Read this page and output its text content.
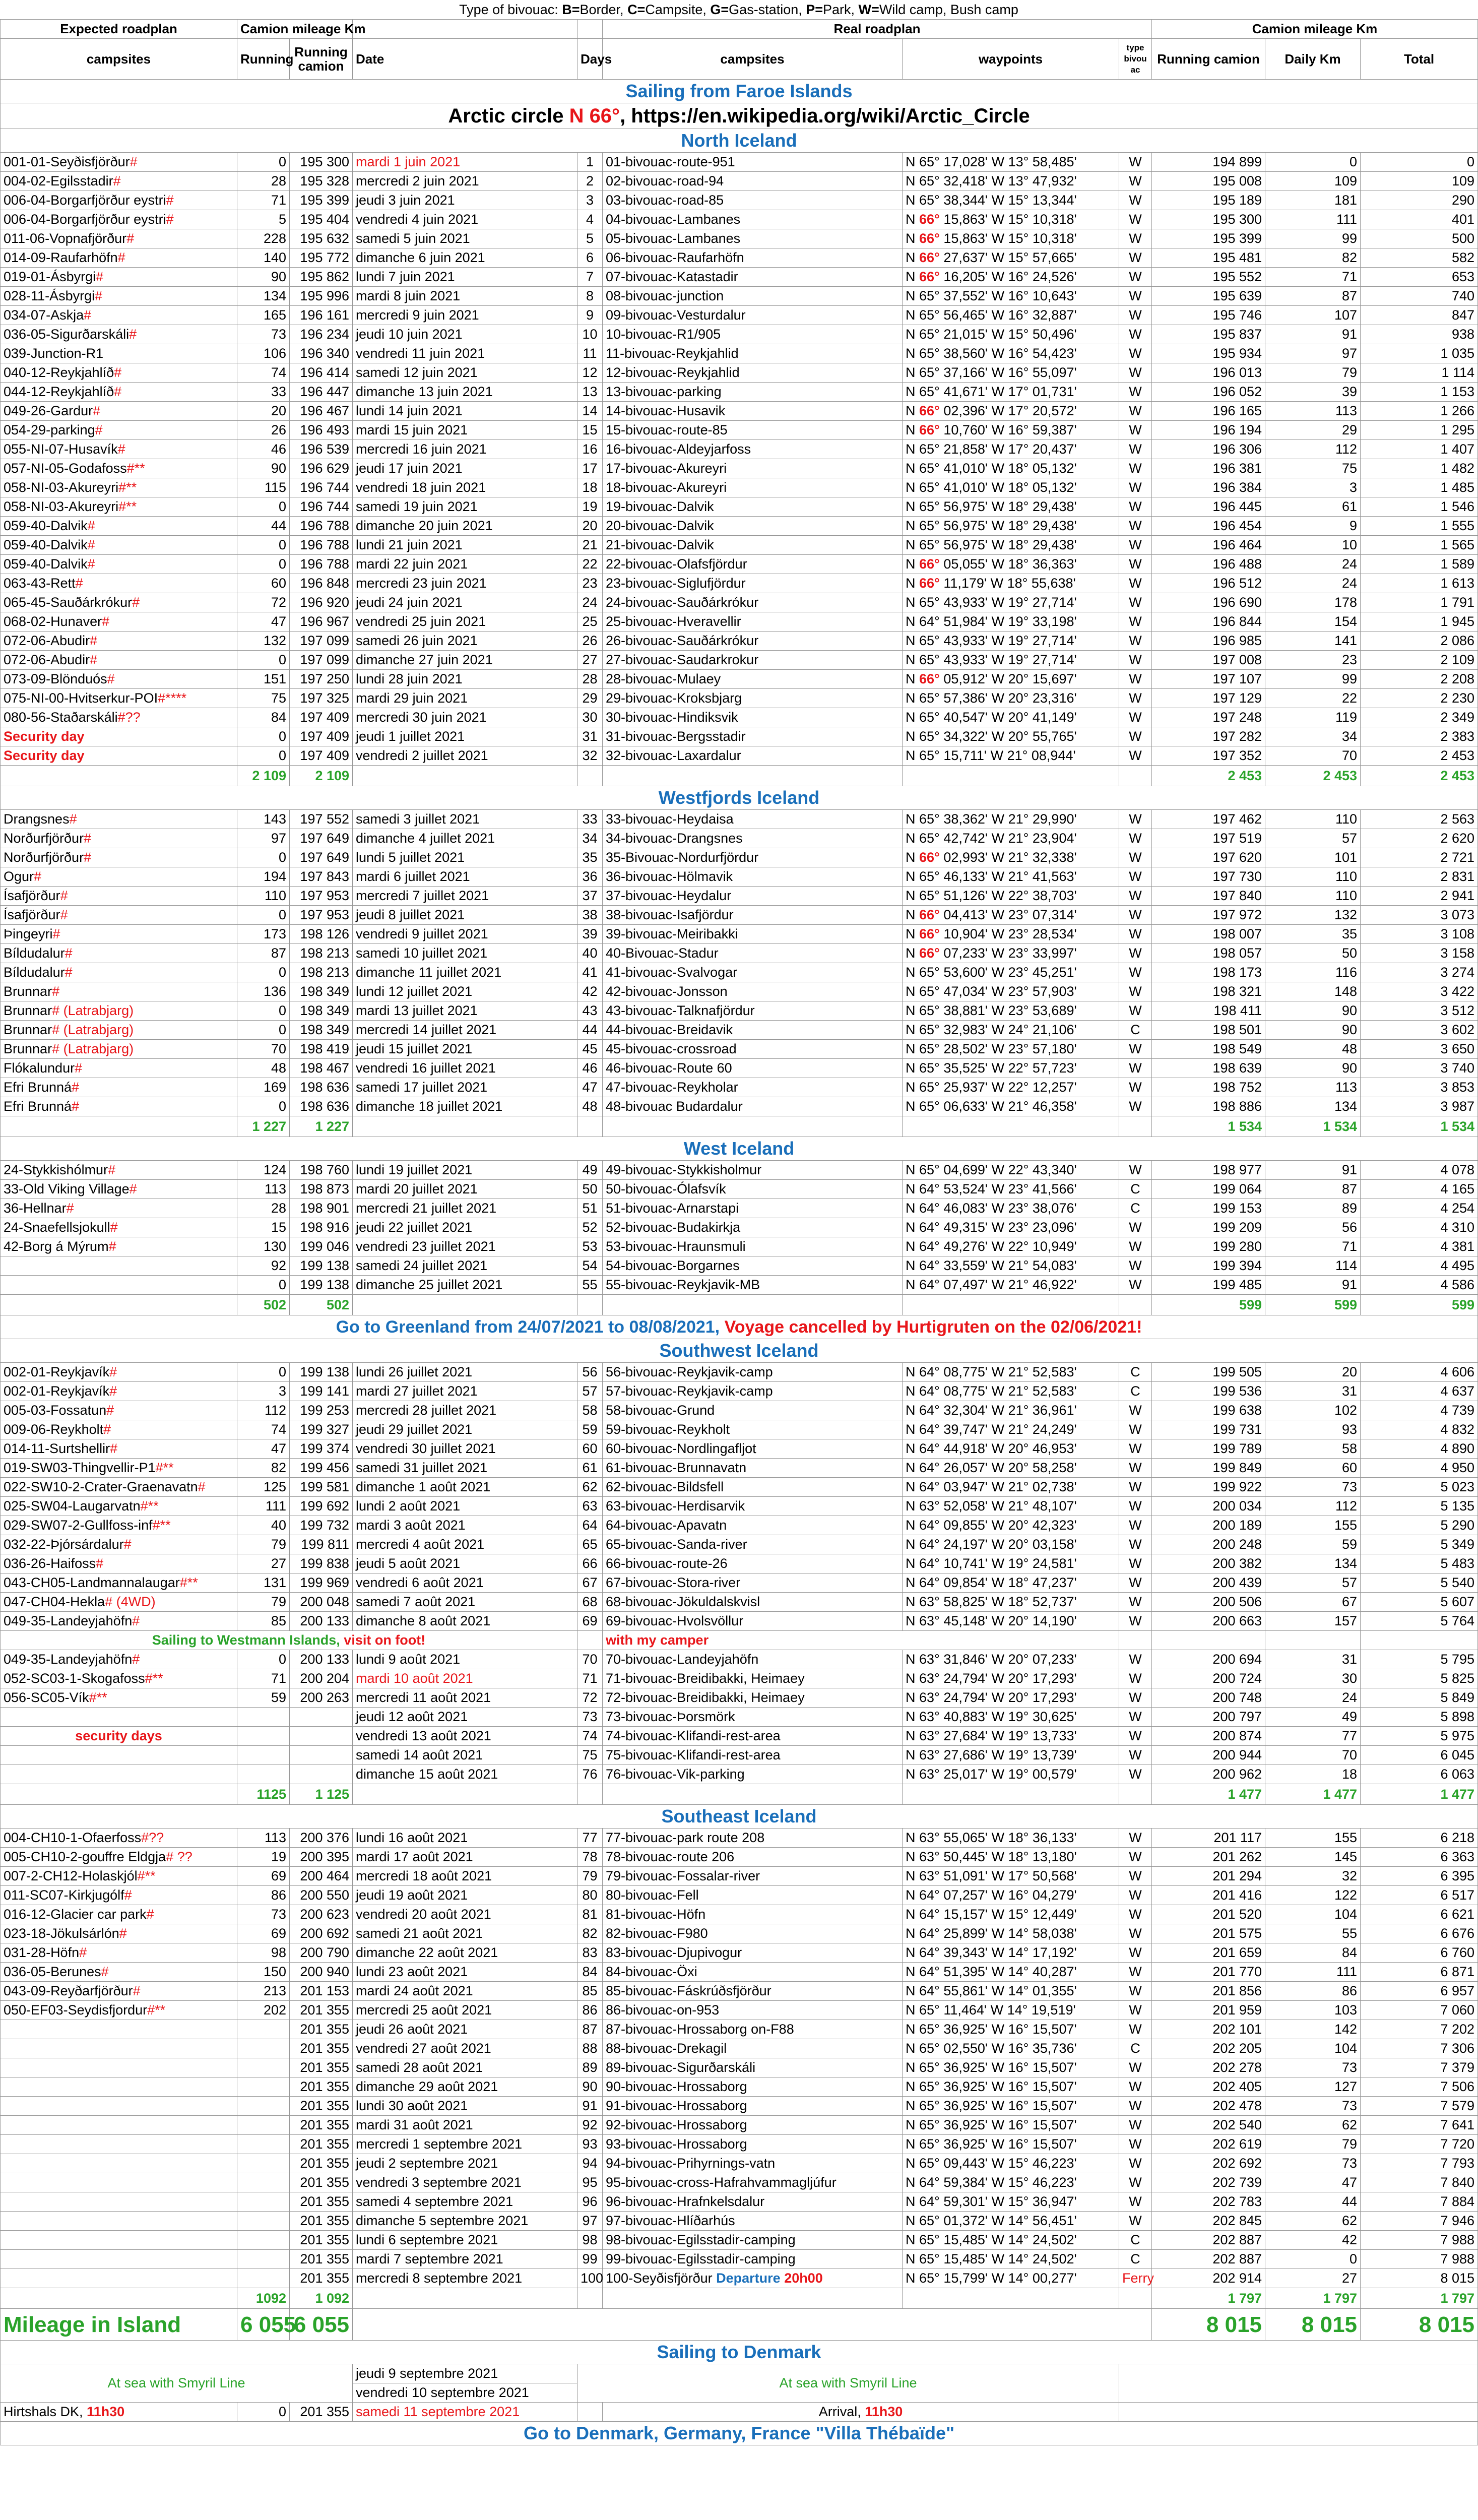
Type of bivouac: B=Border, C=Campsite, G=Gas-station, P=Park, W=Wild camp, Bush camp
Expected roadplan	Camion mileage Km				Real roadplan			Camion mileage Km		
campsites	Running	Running camion	Date	Days	campsites	waypoints	type bivou ac	Running camion	Daily Km	Total
Sailing from Faroe Islands										
Arctic circle N 66°, https://en.wikipedia.org/wiki/Arctic_Circle										
North Iceland										
001-01-Seyðisfjörður#	0	195 300	mardi 1 juin 2021	1	01-bivouac-route-951	N 65° 17,028' W 13° 58,485'	W	194 899	0	0
004-02-Egilsstadir#	28	195 328	mercredi 2 juin 2021	2	02-bivouac-road-94	N 65° 32,418' W 13° 47,932'	W	195 008	109	109
006-04-Borgarfjörður eystri#	71	195 399	jeudi 3 juin 2021	3	03-bivouac-road-85	N 65° 38,344' W 15° 13,344'	W	195 189	181	290
006-04-Borgarfjörður eystri#	5	195 404	vendredi 4 juin 2021	4	04-bivouac-Lambanes	N 66° 15,863' W 15° 10,318'	W	195 300	111	401
011-06-Vopnafjörður#	228	195 632	samedi 5 juin 2021	5	05-bivouac-Lambanes	N 66° 15,863' W 15° 10,318'	W	195 399	99	500
014-09-Raufarhöfn#	140	195 772	dimanche 6 juin 2021	6	06-bivouac-Raufarhöfn	N 66° 27,637' W 15° 57,665'	W	195 481	82	582
019-01-Ásbyrgi#	90	195 862	lundi 7 juin 2021	7	07-bivouac-Katastadir	N 66° 16,205' W 16° 24,526'	W	195 552	71	653
028-11-Ásbyrgi#	134	195 996	mardi 8 juin 2021	8	08-bivouac-junction	N 65° 37,552' W 16° 10,643'	W	195 639	87	740
034-07-Askja#	165	196 161	mercredi 9 juin 2021	9	09-bivouac-Vesturdalur	N 65° 56,465' W 16° 32,887'	W	195 746	107	847
036-05-Sigurðarskáli#	73	196 234	jeudi 10 juin 2021	10	10-bivouac-R1/905	N 65° 21,015' W 15° 50,496'	W	195 837	91	938
039-Junction-R1	106	196 340	vendredi 11 juin 2021	11	11-bivouac-Reykjahlid	N 65° 38,560' W 16° 54,423'	W	195 934	97	1 035
040-12-Reykjahlíð#	74	196 414	samedi 12 juin 2021	12	12-bivouac-Reykjahlid	N 65° 37,166' W 16° 55,097'	W	196 013	79	1 114
044-12-Reykjahlíð#	33	196 447	dimanche 13 juin 2021	13	13-bivouac-parking	N 65° 41,671' W 17° 01,731'	W	196 052	39	1 153
049-26-Gardur#	20	196 467	lundi 14 juin 2021	14	14-bivouac-Husavik	N 66° 02,396' W 17° 20,572'	W	196 165	113	1 266
054-29-parking#	26	196 493	mardi 15 juin 2021	15	15-bivouac-route-85	N 66° 10,760' W 16° 59,387'	W	196 194	29	1 295
055-NI-07-Husavík#	46	196 539	mercredi 16 juin 2021	16	16-bivouac-Aldeyjarfoss	N 65° 21,858' W 17° 20,437'	W	196 306	112	1 407
057-NI-05-Godafoss#**	90	196 629	jeudi 17 juin 2021	17	17-bivouac-Akureyri	N 65° 41,010' W 18° 05,132'	W	196 381	75	1 482
058-NI-03-Akureyri#**	115	196 744	vendredi 18 juin 2021	18	18-bivouac-Akureyri	N 65° 41,010' W 18° 05,132'	W	196 384	3	1 485
058-NI-03-Akureyri#**	0	196 744	samedi 19 juin 2021	19	19-bivouac-Dalvik	N 65° 56,975' W 18° 29,438'	W	196 445	61	1 546
059-40-Dalvik#	44	196 788	dimanche 20 juin 2021	20	20-bivouac-Dalvik	N 65° 56,975' W 18° 29,438'	W	196 454	9	1 555
059-40-Dalvik#	0	196 788	lundi 21 juin 2021	21	21-bivouac-Dalvik	N 65° 56,975' W 18° 29,438'	W	196 464	10	1 565
059-40-Dalvik#	0	196 788	mardi 22 juin 2021	22	22-bivouac-Olafsfjördur	N 66° 05,055' W 18° 36,363'	W	196 488	24	1 589
063-43-Rett#	60	196 848	mercredi 23 juin 2021	23	23-bivouac-Siglufjördur	N 66° 11,179' W 18° 55,638'	W	196 512	24	1 613
065-45-Sauðárkrókur#	72	196 920	jeudi 24 juin 2021	24	24-bivouac-Sauðárkrókur	N 65° 43,933' W 19° 27,714'	W	196 690	178	1 791
068-02-Hunaver#	47	196 967	vendredi 25 juin 2021	25	25-bivouac-Hveravellir	N 64° 51,984' W 19° 33,198'	W	196 844	154	1 945
072-06-Abudir#	132	197 099	samedi 26 juin 2021	26	26-bivouac-Sauðárkrókur	N 65° 43,933' W 19° 27,714'	W	196 985	141	2 086
072-06-Abudir#	0	197 099	dimanche 27 juin 2021	27	27-bivouac-Saudarkrokur	N 65° 43,933' W 19° 27,714'	W	197 008	23	2 109
073-09-Blönduós#	151	197 250	lundi 28 juin 2021	28	28-bivouac-Mulaey	N 66° 05,912' W 20° 15,697'	W	197 107	99	2 208
075-NI-00-Hvitserkur-POI#****	75	197 325	mardi 29 juin 2021	29	29-bivouac-Kroksbjarg	N 65° 57,386' W 20° 23,316'	W	197 129	22	2 230
080-56-Staðarskáli#??	84	197 409	mercredi 30 juin 2021	30	30-bivouac-Hindiksvik	N 65° 40,547' W 20° 41,149'	W	197 248	119	2 349
Security day	0	197 409	jeudi 1 juillet 2021	31	31-bivouac-Bergsstadir	N 65° 34,322' W 20° 55,765'	W	197 282	34	2 383
Security day	0	197 409	vendredi 2 juillet 2021	32	32-bivouac-Laxardalur	N 65° 15,711' W 21° 08,944'	W	197 352	70	2 453
	2 109	2 109						2 453	2 453	2 453
Westfjords Iceland										
Drangsnes#	143	197 552	samedi 3 juillet 2021	33	33-bivouac-Heydaisa	N 65° 38,362' W 21° 29,990'	W	197 462	110	2 563
Norðurfjörður#	97	197 649	dimanche 4 juillet 2021	34	34-bivouac-Drangsnes	N 65° 42,742' W 21° 23,904'	W	197 519	57	2 620
Norðurfjörður#	0	197 649	lundi 5 juillet 2021	35	35-Bivouac-Nordurfjördur	N 66° 02,993' W 21° 32,338'	W	197 620	101	2 721
Ogur#	194	197 843	mardi 6 juillet 2021	36	36-bivouac-Hölmavik	N 65° 46,133' W 21° 41,563'	W	197 730	110	2 831
Ísafjörður#	110	197 953	mercredi 7 juillet 2021	37	37-bivouac-Heydalur	N 65° 51,126' W 22° 38,703'	W	197 840	110	2 941
Ísafjörður#	0	197 953	jeudi 8 juillet 2021	38	38-bivouac-Isafjördur	N 66° 04,413' W 23° 07,314'	W	197 972	132	3 073
Þingeyri#	173	198 126	vendredi 9 juillet 2021	39	39-bivouac-Meiribakki	N 66° 10,904' W 23° 28,534'	W	198 007	35	3 108
Bíldudalur#	87	198 213	samedi 10 juillet 2021	40	40-Bivouac-Stadur	N 66° 07,233' W 23° 33,997'	W	198 057	50	3 158
Bíldudalur#	0	198 213	dimanche 11 juillet 2021	41	41-bivouac-Svalvogar	N 65° 53,600' W 23° 45,251'	W	198 173	116	3 274
Brunnar#	136	198 349	lundi 12 juillet 2021	42	42-bivouac-Jonsson	N 65° 47,034' W 23° 57,903'	W	198 321	148	3 422
Brunnar# (Latrabjarg)	0	198 349	mardi 13 juillet 2021	43	43-bivouac-Talknafjördur	N 65° 38,881' W 23° 53,689'	W	198 411	90	3 512
Brunnar# (Latrabjarg)	0	198 349	mercredi 14 juillet 2021	44	44-bivouac-Breidavik	N 65° 32,983' W 24° 21,106'	C	198 501	90	3 602
Brunnar# (Latrabjarg)	70	198 419	jeudi 15 juillet 2021	45	45-bivouac-crossroad	N 65° 28,502' W 23° 57,180'	W	198 549	48	3 650
Flókalundur#	48	198 467	vendredi 16 juillet 2021	46	46-bivouac-Route 60	N 65° 35,525' W 22° 57,723'	W	198 639	90	3 740
Efri Brunná#	169	198 636	samedi 17 juillet 2021	47	47-bivouac-Reykholar	N 65° 25,937' W 22° 12,257'	W	198 752	113	3 853
Efri Brunná#	0	198 636	dimanche 18 juillet 2021	48	48-bivouac Budardalur	N 65° 06,633' W 21° 46,358'	W	198 886	134	3 987
	1 227	1 227						1 534	1 534	1 534
West Iceland										
24-Stykkishólmur#	124	198 760	lundi 19 juillet 2021	49	49-bivouac-Stykkisholmur	N 65° 04,699' W 22° 43,340'	W	198 977	91	4 078
33-Old Viking Village#	113	198 873	mardi 20 juillet 2021	50	50-bivouac-Ólafsvík	N 64° 53,524' W 23° 41,566'	C	199 064	87	4 165
36-Hellnar#	28	198 901	mercredi 21 juillet 2021	51	51-bivouac-Arnarstapi	N 64° 46,083' W 23° 38,076'	C	199 153	89	4 254
24-Snaefellsjokull#	15	198 916	jeudi 22 juillet 2021	52	52-bivouac-Budakirkja	N 64° 49,315' W 23° 23,096'	W	199 209	56	4 310
42-Borg á Mýrum#	130	199 046	vendredi 23 juillet 2021	53	53-bivouac-Hraunsmuli	N 64° 49,276' W 22° 10,949'	W	199 280	71	4 381
	92	199 138	samedi 24 juillet 2021	54	54-bivouac-Borgarnes	N 64° 33,559' W 21° 54,083'	W	199 394	114	4 495
	0	199 138	dimanche 25 juillet 2021	55	55-bivouac-Reykjavik-MB	N 64° 07,497' W 21° 46,922'	W	199 485	91	4 586
	502	502						599	599	599
Go to Greenland from 24/07/2021 to 08/08/2021, Voyage cancelled by Hurtigruten on the 02/06/2021!										
Southwest Iceland										
002-01-Reykjavík#	0	199 138	lundi 26 juillet 2021	56	56-bivouac-Reykjavik-camp	N 64° 08,775' W 21° 52,583'	C	199 505	20	4 606
002-01-Reykjavík#	3	199 141	mardi 27 juillet 2021	57	57-bivouac-Reykjavik-camp	N 64° 08,775' W 21° 52,583'	C	199 536	31	4 637
005-03-Fossatun#	112	199 253	mercredi 28 juillet 2021	58	58-bivouac-Grund	N 64° 32,304' W 21° 36,961'	W	199 638	102	4 739
009-06-Reykholt#	74	199 327	jeudi 29 juillet 2021	59	59-bivouac-Reykholt	N 64° 39,747' W 21° 24,249'	W	199 731	93	4 832
014-11-Surtshellir#	47	199 374	vendredi 30 juillet 2021	60	60-bivouac-Nordlingafljot	N 64° 44,918' W 20° 46,953'	W	199 789	58	4 890
019-SW03-Thingvellir-P1#**	82	199 456	samedi 31 juillet 2021	61	61-bivouac-Brunnavatn	N 64° 26,057' W 20° 58,258'	W	199 849	60	4 950
022-SW10-2-Crater-Graenavatn#	125	199 581	dimanche 1 août 2021	62	62-bivouac-Bildsfell	N 64° 03,947' W 21° 02,738'	W	199 922	73	5 023
025-SW04-Laugarvatn#**	111	199 692	lundi 2 août 2021	63	63-bivouac-Herdisarvik	N 63° 52,058' W 21° 48,107'	W	200 034	112	5 135
029-SW07-2-Gullfoss-inf#**	40	199 732	mardi 3 août 2021	64	64-bivouac-Apavatn	N 64° 09,855' W 20° 42,323'	W	200 189	155	5 290
032-22-Þjórsárdalur#	79	199 811	mercredi 4 août 2021	65	65-bivouac-Sanda-river	N 64° 24,197' W 20° 03,158'	W	200 248	59	5 349
036-26-Haifoss#	27	199 838	jeudi 5 août 2021	66	66-bivouac-route-26	N 64° 10,741' W 19° 24,581'	W	200 382	134	5 483
043-CH05-Landmannalaugar#**	131	199 969	vendredi 6 août 2021	67	67-bivouac-Stora-river	N 64° 09,854' W 18° 47,237'	W	200 439	57	5 540
047-CH04-Hekla# (4WD)	79	200 048	samedi 7 août 2021	68	68-bivouac-Jökuldalskvisl	N 63° 58,825' W 18° 52,737'	W	200 506	67	5 607
049-35-Landeyjahöfn#	85	200 133	dimanche 8 août 2021	69	69-bivouac-Hvolsvöllur	N 63° 45,148' W 20° 14,190'	W	200 663	157	5 764
Sailing to Westmann Islands, visit on foot!					with my camper					
049-35-Landeyjahöfn#	0	200 133	lundi 9 août 2021	70	70-bivouac-Landeyjahöfn	N 63° 31,846' W 20° 07,233'	W	200 694	31	5 795
052-SC03-1-Skogafoss#**	71	200 204	mardi 10 août 2021	71	71-bivouac-Breidibakki, Heimaey	N 63° 24,794' W 20° 17,293'	W	200 724	30	5 825
056-SC05-Vík#**	59	200 263	mercredi 11 août 2021	72	72-bivouac-Breidibakki, Heimaey	N 63° 24,794' W 20° 17,293'	W	200 748	24	5 849
			jeudi 12 août 2021	73	73-bivouac-Þorsmörk	N 63° 40,883' W 19° 30,625'	W	200 797	49	5 898
security days			vendredi 13 août 2021	74	74-bivouac-Klifandi-rest-area	N 63° 27,684' W 19° 13,733'	W	200 874	77	5 975
			samedi 14 août 2021	75	75-bivouac-Klifandi-rest-area	N 63° 27,686' W 19° 13,739'	W	200 944	70	6 045
			dimanche 15 août 2021	76	76-bivouac-Vik-parking	N 63° 25,017' W 19° 00,579'	W	200 962	18	6 063
	1125	1 125						1 477	1 477	1 477
Southeast Iceland										
004-CH10-1-Ofaerfoss#??	113	200 376	lundi 16 août 2021	77	77-bivouac-park route 208	N 63° 55,065' W 18° 36,133'	W	201 117	155	6 218
005-CH10-2-gouffre Eldgja# ??	19	200 395	mardi 17 août 2021	78	78-bivouac-route 206	N 63° 50,445' W 18° 13,180'	W	201 262	145	6 363
007-2-CH12-Holaskjól#**	69	200 464	mercredi 18 août 2021	79	79-bivouac-Fossalar-river	N 63° 51,091' W 17° 50,568'	W	201 294	32	6 395
011-SC07-Kirkjugólf#	86	200 550	jeudi 19 août 2021	80	80-bivouac-Fell	N 64° 07,257' W 16° 04,279'	W	201 416	122	6 517
016-12-Glacier car park#	73	200 623	vendredi 20 août 2021	81	81-bivouac-Höfn	N 64° 15,157' W 15° 12,449'	W	201 520	104	6 621
023-18-Jökulsárlón#	69	200 692	samedi 21 août 2021	82	82-bivouac-F980	N 64° 25,899' W 14° 58,038'	W	201 575	55	6 676
031-28-Höfn#	98	200 790	dimanche 22 août 2021	83	83-bivouac-Djupivogur	N 64° 39,343' W 14° 17,192'	W	201 659	84	6 760
036-05-Berunes#	150	200 940	lundi 23 août 2021	84	84-bivouac-Öxi	N 64° 51,395' W 14° 40,287'	W	201 770	111	6 871
043-09-Reyðarfjörður#	213	201 153	mardi 24 août 2021	85	85-bivouac-Fáskrúðsfjörður	N 64° 55,861' W 14° 01,355'	W	201 856	86	6 957
050-EF03-Seydisfjordur#**	202	201 355	mercredi 25 août 2021	86	86-bivouac-on-953	N 65° 11,464' W 14° 19,519'	W	201 959	103	7 060
		201 355	jeudi 26 août 2021	87	87-bivouac-Hrossaborg on-F88	N 65° 36,925' W 16° 15,507'	W	202 101	142	7 202
		201 355	vendredi 27 août 2021	88	88-bivouac-Drekagil	N 65° 02,550' W 16° 35,736'	C	202 205	104	7 306
		201 355	samedi 28 août 2021	89	89-bivouac-Sigurðarskáli	N 65° 36,925' W 16° 15,507'	W	202 278	73	7 379
		201 355	dimanche 29 août 2021	90	90-bivouac-Hrossaborg	N 65° 36,925' W 16° 15,507'	W	202 405	127	7 506
		201 355	lundi 30 août 2021	91	91-bivouac-Hrossaborg	N 65° 36,925' W 16° 15,507'	W	202 478	73	7 579
		201 355	mardi 31 août 2021	92	92-bivouac-Hrossaborg	N 65° 36,925' W 16° 15,507'	W	202 540	62	7 641
		201 355	mercredi 1 septembre 2021	93	93-bivouac-Hrossaborg	N 65° 36,925' W 16° 15,507'	W	202 619	79	7 720
		201 355	jeudi 2 septembre 2021	94	94-bivouac-Prihyrnings-vatn	N 65° 09,443' W 15° 46,223'	W	202 692	73	7 793
		201 355	vendredi 3 septembre 2021	95	95-bivouac-cross-Hafrahvammagljúfur	N 64° 59,384' W 15° 46,223'	W	202 739	47	7 840
		201 355	samedi 4 septembre 2021	96	96-bivouac-Hrafnkelsdalur	N 64° 59,301' W 15° 36,947'	W	202 783	44	7 884
		201 355	dimanche 5 septembre 2021	97	97-bivouac-Hlíðarhús	N 65° 01,372' W 14° 56,451'	W	202 845	62	7 946
		201 355	lundi 6 septembre 2021	98	98-bivouac-Egilsstadir-camping	N 65° 15,485' W 14° 24,502'	C	202 887	42	7 988
		201 355	mardi 7 septembre 2021	99	99-bivouac-Egilsstadir-camping	N 65° 15,485' W 14° 24,502'	C	202 887	0	7 988
		201 355	mercredi 8 septembre 2021	100	100-Seyðisfjörður Departure 20h00	N 65° 15,799' W 14° 00,277'	Ferry	202 914	27	8 015
	1092	1 092						1 797	1 797	1 797
Mileage in Island	6 055	6 055						8 015	8 015	8 015
Sailing to Denmark										
At sea with Smyril Line			jeudi 9 septembre 2021	At sea with Smyril Line						
			vendredi 10 septembre 2021							
Hirtshals DK, 11h30	0	201 355	samedi 11 septembre 2021		Arrival, 11h30					
Go to Denmark, Germany, France "Villa Thébaïde"										
